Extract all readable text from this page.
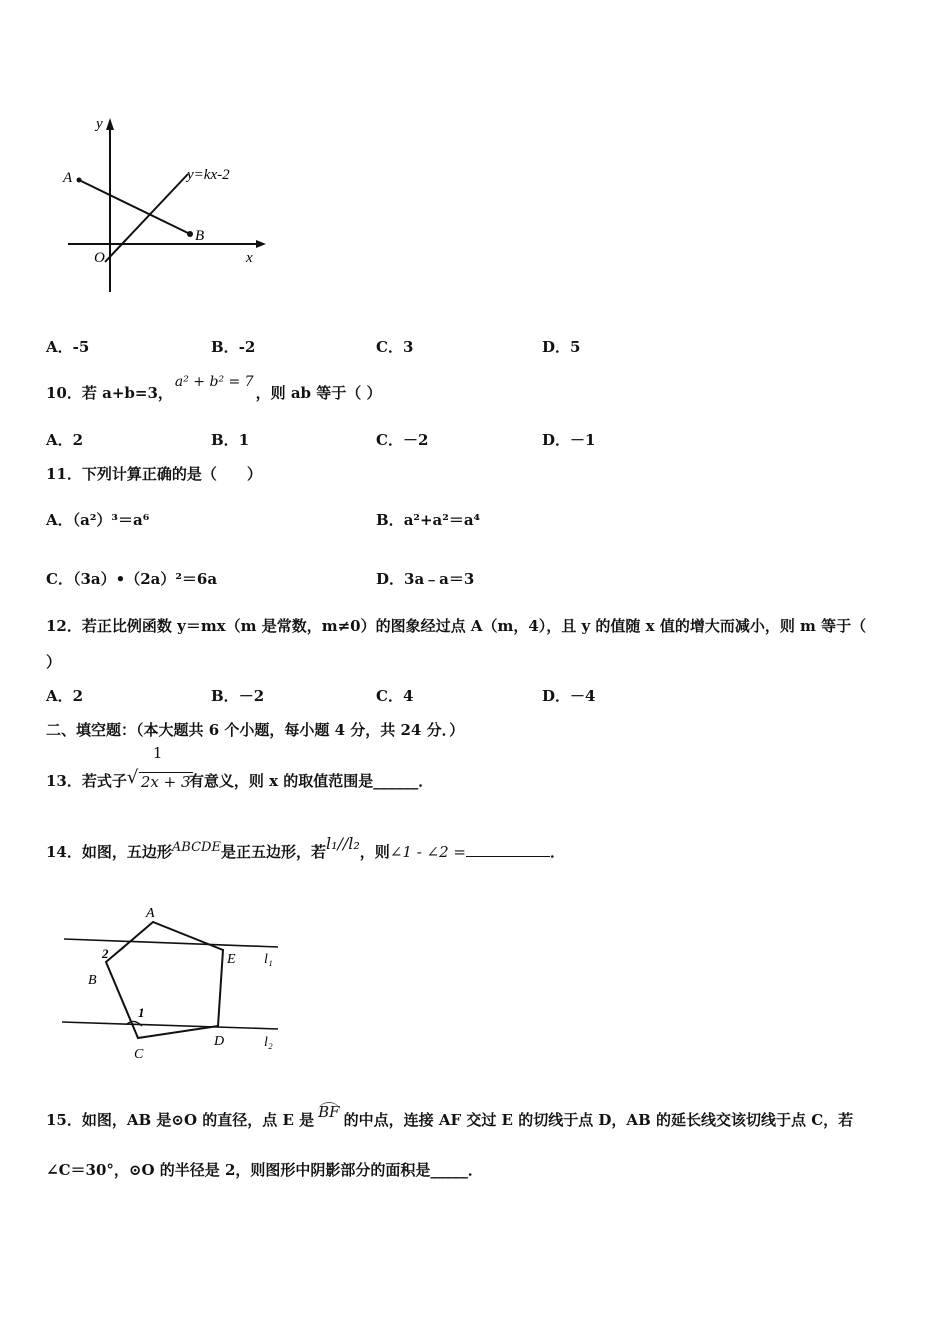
y
x
O
A
B
y=kx-2
A．-5	B．-2	C．3	D．5
10．若 a+b=3，a² + b² = 7，则 ab 等于（ ）
A．2	B．1	C．－2	D．－1
11．下列计算正确的是（　　）
A．（a²）³＝a⁶	B．a²+a²＝a⁴
C．（3a）•（2a）²＝6a	D．3a﹣a＝3
12．若正比例函数 y＝mx（m 是常数，m≠0）的图象经过点 A（m，4），且 y 的值随 x 值的增大而减小，则 m 等于（
）
A．2	B．－2	C．4	D．－4
二、填空题：（本大题共 6 个小题，每小题 4 分，共 24 分．）
13．若式子
1
√ 2x + 3
有意义，则 x 的取值范围是______．
14．如图，五边形ABCDE是正五边形，若l₁//l₂，则∠1 - ∠2 =	．
A
B
C
D
E
1
2	l₁
l₂
15．如图，AB 是⊙O 的直径，点 E 是 BF 的中点，连接 AF 交过 E 的切线于点 D，AB 的延长线交该切线于点 C，若
∠C＝30°，⊙O 的半径是 2，则图形中阴影部分的面积是_____．
